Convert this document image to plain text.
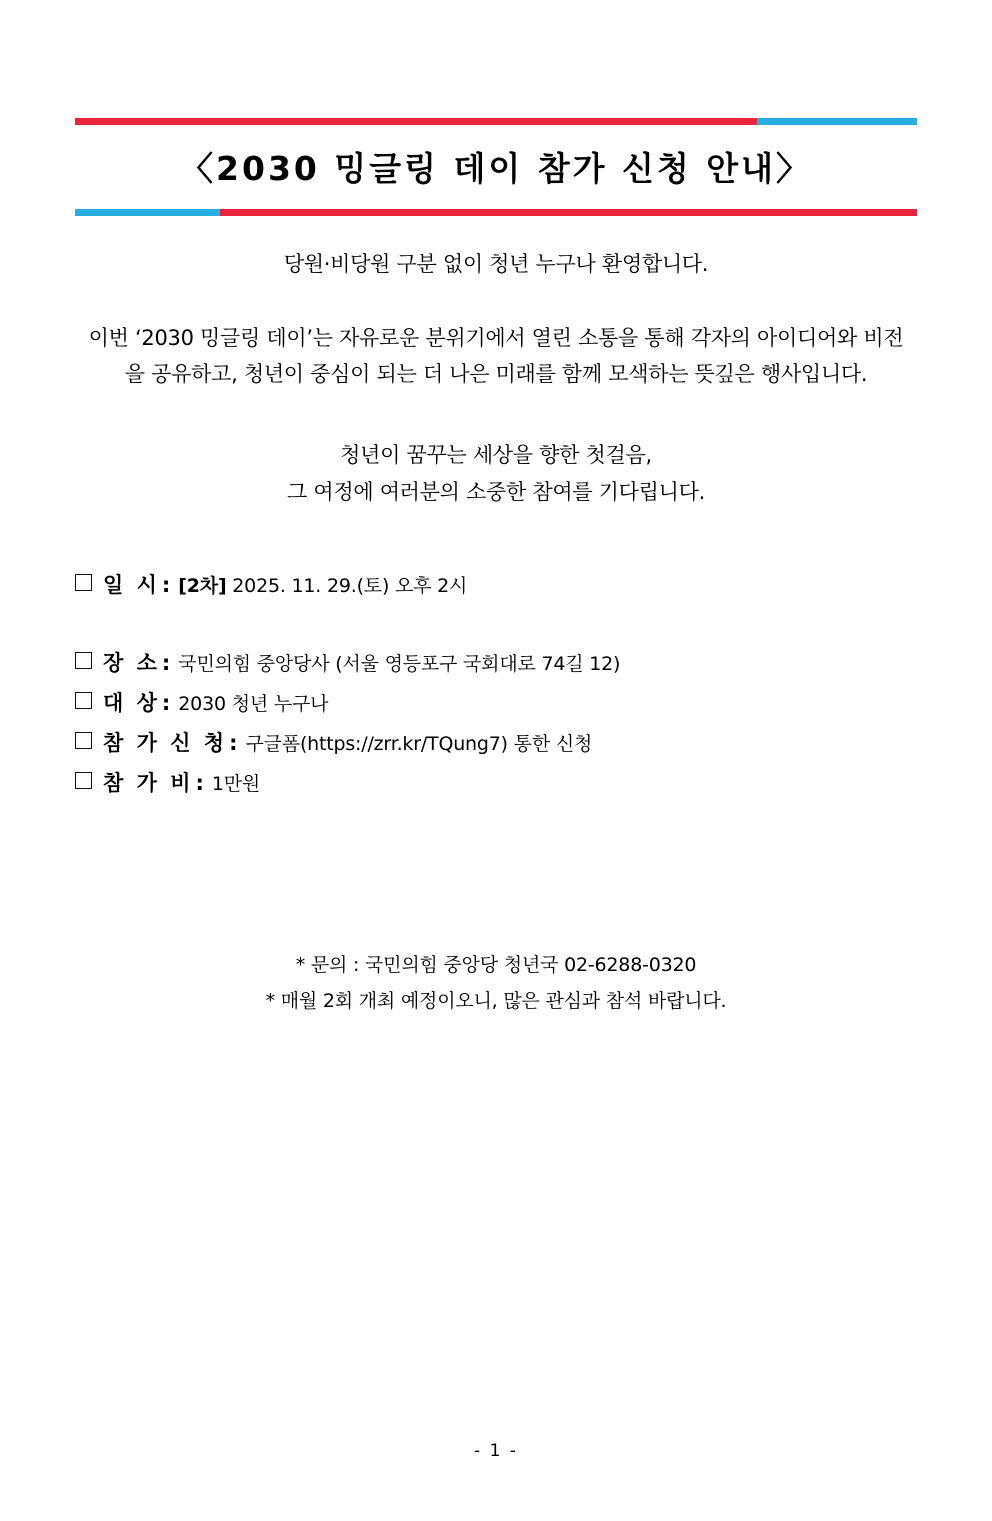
〈2030 밍글링 데이 참가 신청 안내〉
당원·비당원 구분 없이 청년 누구나 환영합니다.
이번 ‘2030 밍글링 데이’는 자유로운 분위기에서 열린 소통을 통해 각자의 아이디어와 비전을 공유하고, 청년이 중심이 되는 더 나은 미래를 함께 모색하는 뜻깊은 행사입니다.
청년이 꿈꾸는 세상을 향한 첫걸음,
그 여정에 여러분의 소중한 참여를 기다립니다.
일 시 : [2차] 2025. 11. 29.(토) 오후 2시
장 소 : 국민의힘 중앙당사 (서울 영등포구 국회대로 74길 12)
대 상 : 2030 청년 누구나
참 가 신 청 : 구글폼(https://zrr.kr/TQung7) 통한 신청
참 가 비 : 1만원
* 문의 : 국민의힘 중앙당 청년국 02-6288-0320
* 매월 2회 개최 예정이오니, 많은 관심과 참석 바랍니다.
- 1 -
